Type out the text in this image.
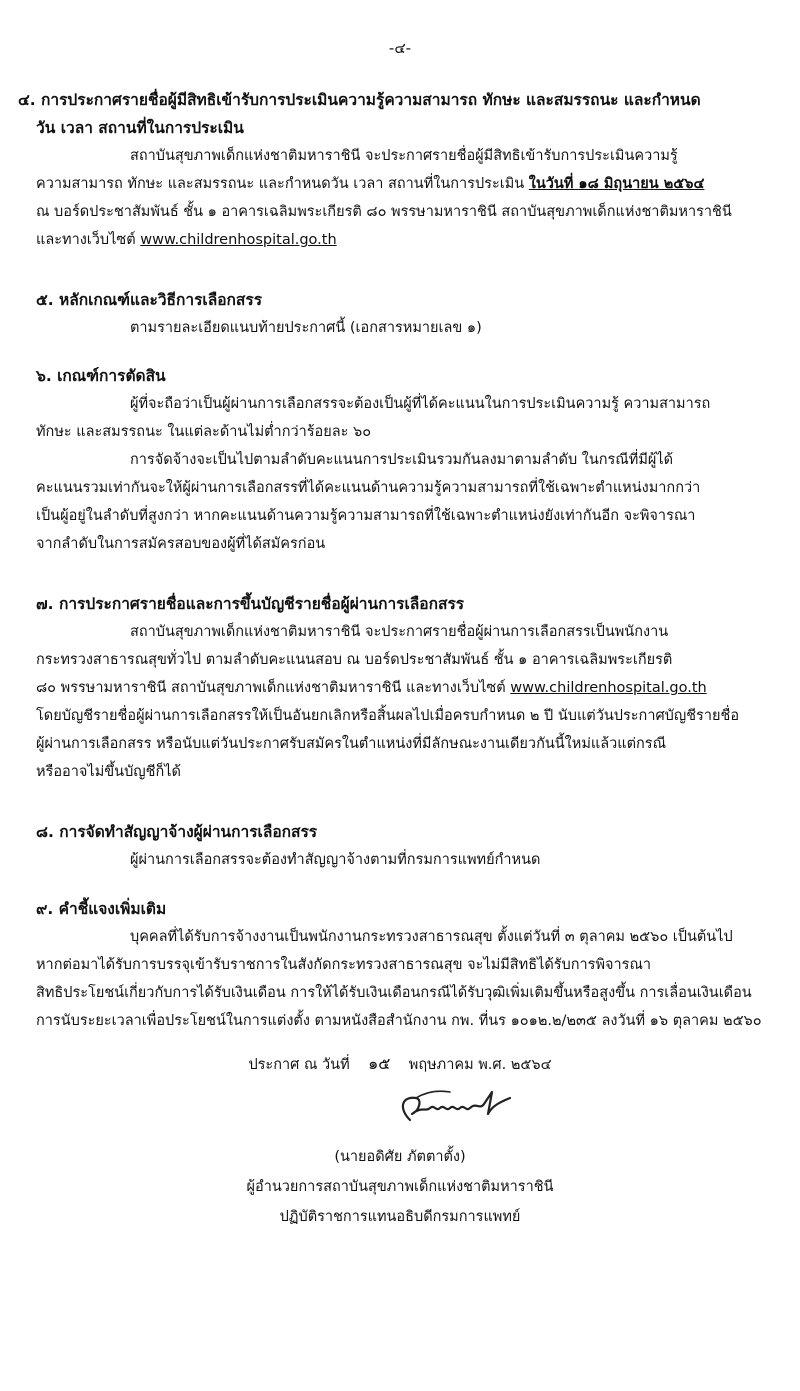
-๔-
๔. การประกาศรายชื่อผู้มีสิทธิเข้ารับการประเมินความรู้ความสามารถ ทักษะ และสมรรถนะ และกำหนด
วัน เวลา สถานที่ในการประเมิน
สถาบันสุขภาพเด็กแห่งชาติมหาราชินี จะประกาศรายชื่อผู้มีสิทธิเข้ารับการประเมินความรู้
ความสามารถ ทักษะ และสมรรถนะ และกำหนดวัน เวลา สถานที่ในการประเมิน ในวันที่ ๑๘ มิถุนายน ๒๕๖๔
ณ บอร์ดประชาสัมพันธ์ ชั้น ๑ อาคารเฉลิมพระเกียรติ ๘๐ พรรษามหาราชินี สถาบันสุขภาพเด็กแห่งชาติมหาราชินี
และทางเว็บไซต์ www.childrenhospital.go.th
๕. หลักเกณฑ์และวิธีการเลือกสรร
ตามรายละเอียดแนบท้ายประกาศนี้ (เอกสารหมายเลข ๑)
๖. เกณฑ์การตัดสิน
ผู้ที่จะถือว่าเป็นผู้ผ่านการเลือกสรรจะต้องเป็นผู้ที่ได้คะแนนในการประเมินความรู้ ความสามารถ
ทักษะ และสมรรถนะ ในแต่ละด้านไม่ต่ำกว่าร้อยละ ๖๐
การจัดจ้างจะเป็นไปตามลำดับคะแนนการประเมินรวมกันลงมาตามลำดับ ในกรณีที่มีผู้ได้
คะแนนรวมเท่ากันจะให้ผู้ผ่านการเลือกสรรที่ได้คะแนนด้านความรู้ความสามารถที่ใช้เฉพาะตำแหน่งมากกว่า
เป็นผู้อยู่ในลำดับที่สูงกว่า หากคะแนนด้านความรู้ความสามารถที่ใช้เฉพาะตำแหน่งยังเท่ากันอีก จะพิจารณา
จากลำดับในการสมัครสอบของผู้ที่ได้สมัครก่อน
๗. การประกาศรายชื่อและการขึ้นบัญชีรายชื่อผู้ผ่านการเลือกสรร
สถาบันสุขภาพเด็กแห่งชาติมหาราชินี จะประกาศรายชื่อผู้ผ่านการเลือกสรรเป็นพนักงาน
กระทรวงสาธารณสุขทั่วไป ตามลำดับคะแนนสอบ ณ บอร์ดประชาสัมพันธ์ ชั้น ๑ อาคารเฉลิมพระเกียรติ
๘๐ พรรษามหาราชินี สถาบันสุขภาพเด็กแห่งชาติมหาราชินี และทางเว็บไซต์ www.childrenhospital.go.th
โดยบัญชีรายชื่อผู้ผ่านการเลือกสรรให้เป็นอันยกเลิกหรือสิ้นผลไปเมื่อครบกำหนด ๒ ปี นับแต่วันประกาศบัญชีรายชื่อ
ผู้ผ่านการเลือกสรร หรือนับแต่วันประกาศรับสมัครในตำแหน่งที่มีลักษณะงานเดียวกันนี้ใหม่แล้วแต่กรณี
หรืออาจไม่ขึ้นบัญชีก็ได้
๘. การจัดทำสัญญาจ้างผู้ผ่านการเลือกสรร
ผู้ผ่านการเลือกสรรจะต้องทำสัญญาจ้างตามที่กรมการแพทย์กำหนด
๙. คำชี้แจงเพิ่มเติม
บุคคลที่ได้รับการจ้างงานเป็นพนักงานกระทรวงสาธารณสุข ตั้งแต่วันที่ ๓ ตุลาคม ๒๕๖๐ เป็นต้นไป
หากต่อมาได้รับการบรรจุเข้ารับราชการในสังกัดกระทรวงสาธารณสุข จะไม่มีสิทธิได้รับการพิจารณา
สิทธิประโยชน์เกี่ยวกับการได้รับเงินเดือน การให้ได้รับเงินเดือนกรณีได้รับวุฒิเพิ่มเติมขึ้นหรือสูงขึ้น การเลื่อนเงินเดือน
การนับระยะเวลาเพื่อประโยชน์ในการแต่งตั้ง ตามหนังสือสำนักงาน กพ. ที่นร ๑๐๑๒.๒/๒๓๕ ลงวันที่ ๑๖ ตุลาคม ๒๕๖๐
ประกาศ ณ วันที่ ๑๕ พฤษภาคม พ.ศ. ๒๕๖๔
(นายอดิศัย ภัตตาตั้ง)
ผู้อำนวยการสถาบันสุขภาพเด็กแห่งชาติมหาราชินี
ปฏิบัติราชการแทนอธิบดีกรมการแพทย์
